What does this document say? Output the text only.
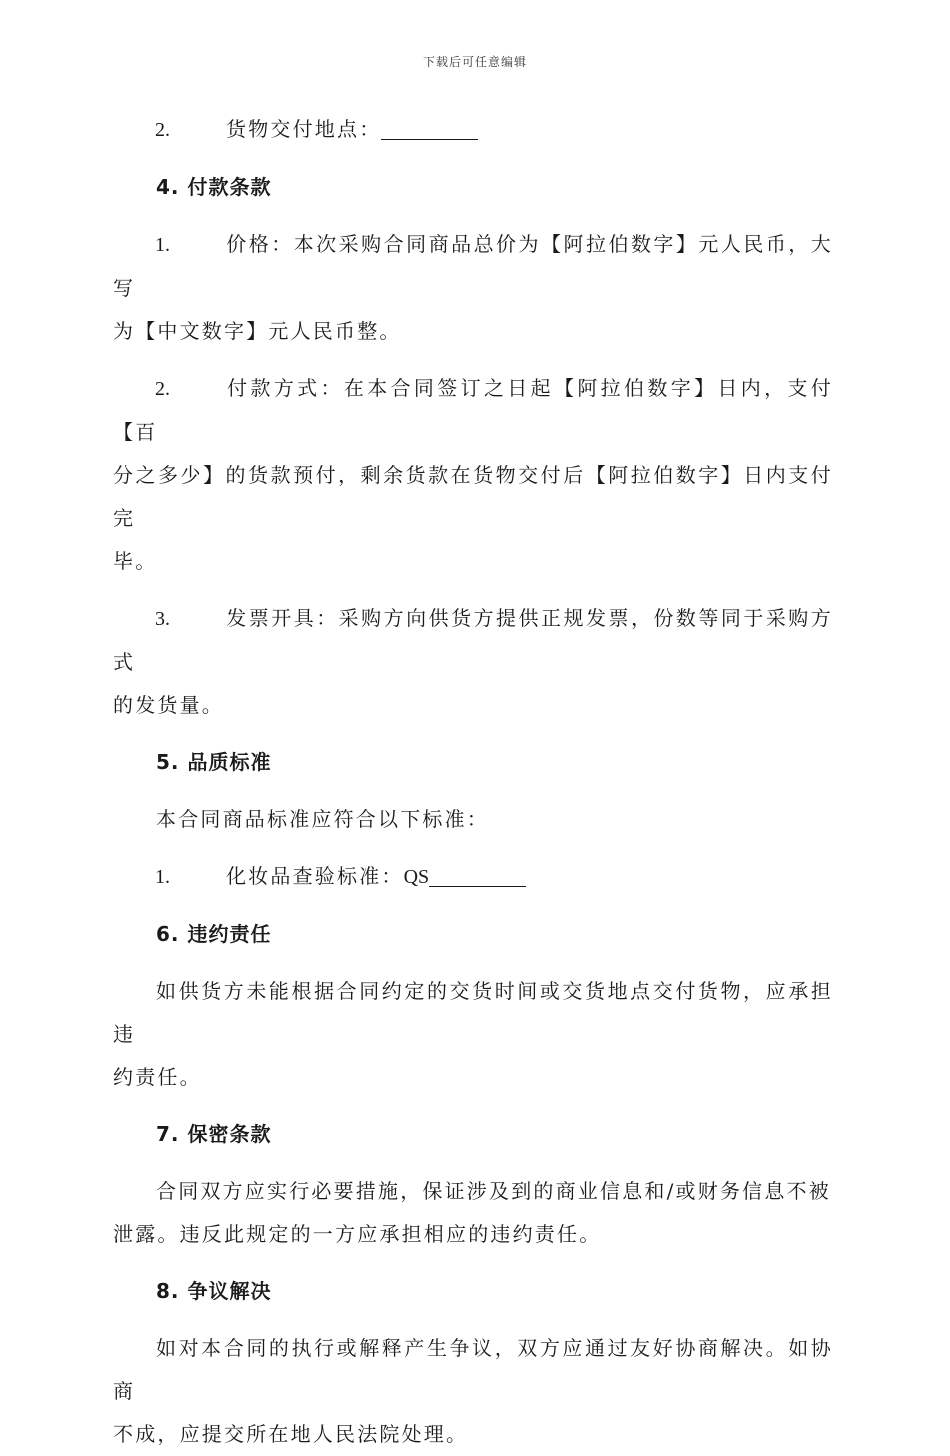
下载后可任意编辑

2.	货物交付地点：

4. 付款条款

1.	价格：本次采购合同商品总价为【阿拉伯数字】元人民币，大写

为【中文数字】元人民币整。

2.	付款方式：在本合同签订之日起【阿拉伯数字】日内，支付【百

分之多少】的货款预付，剩余货款在货物交付后【阿拉伯数字】日内支付完

毕。

3.	发票开具：采购方向供货方提供正规发票，份数等同于采购方式

的发货量。

5. 品质标准

本合同商品标准应符合以下标准：

1.	化妆品查验标准：QS

6. 违约责任

如供货方未能根据合同约定的交货时间或交货地点交付货物，应承担违

约责任。

7. 保密条款

合同双方应实行必要措施，保证涉及到的商业信息和/或财务信息不被

泄露。违反此规定的一方应承担相应的违约责任。

8. 争议解决

如对本合同的执行或解释产生争议，双方应通过友好协商解决。如协商

不成，应提交所在地人民法院处理。
